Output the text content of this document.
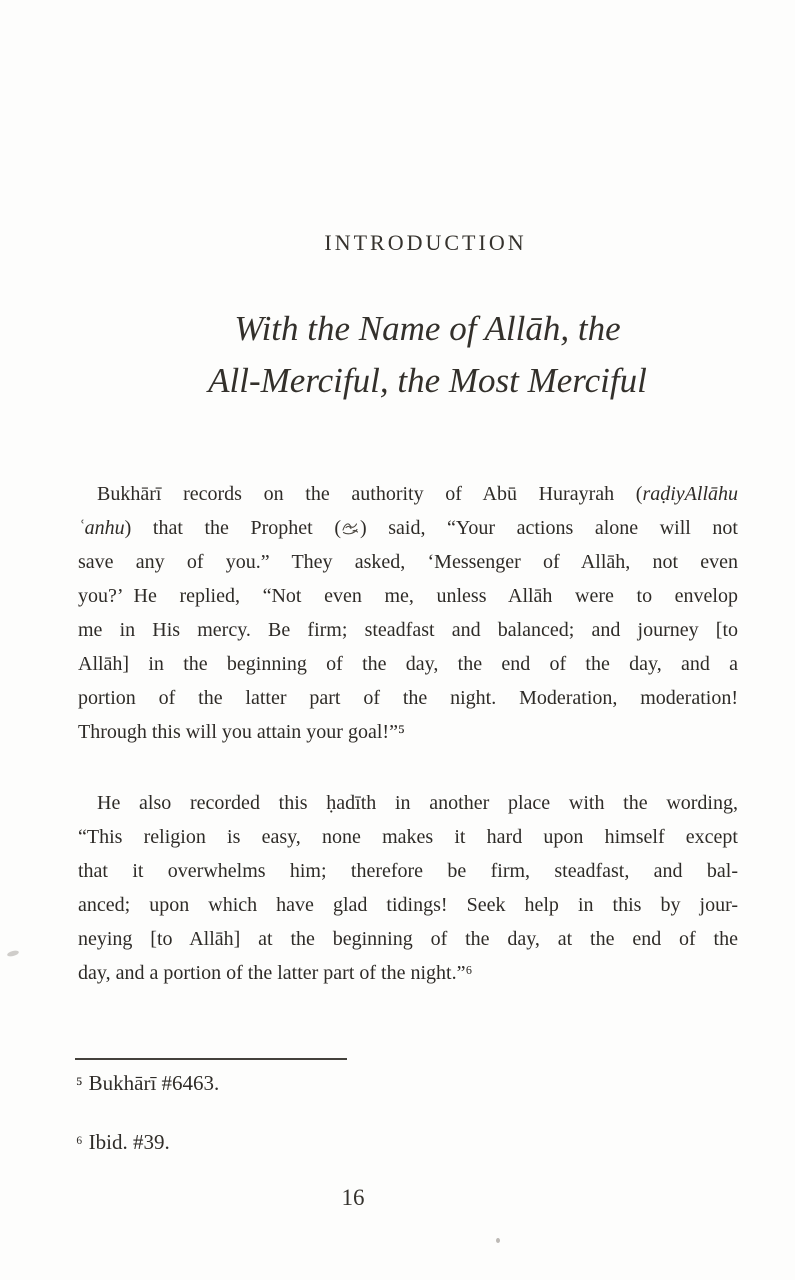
INTRODUCTION
With the Name of Allāh, the
All-Merciful, the Most Merciful
Bukhārī records on the authority of Abū Hurayrah (raḍiyAllāhu
ʿanhu) that the Prophet ( ) said, “Your actions alone will not
save any of you.” They asked, ‘Messenger of Allāh, not even
you?’ He replied, “Not even me, unless Allāh were to envelop
me in His mercy. Be firm; steadfast and balanced; and journey [to
Allāh] in the beginning of the day, the end of the day, and a
portion of the latter part of the night. Moderation, moderation!
Through this will you attain your goal!”⁵
He also recorded this ḥadīth in another place with the wording,
“This religion is easy, none makes it hard upon himself except
that it overwhelms him; therefore be firm, steadfast, and bal-
anced; upon which have glad tidings! Seek help in this by jour-
neying [to Allāh] at the beginning of the day, at the end of the
day, and a portion of the latter part of the night.”⁶
⁵ Bukhārī #6463.
⁶ Ibid. #39.
16
